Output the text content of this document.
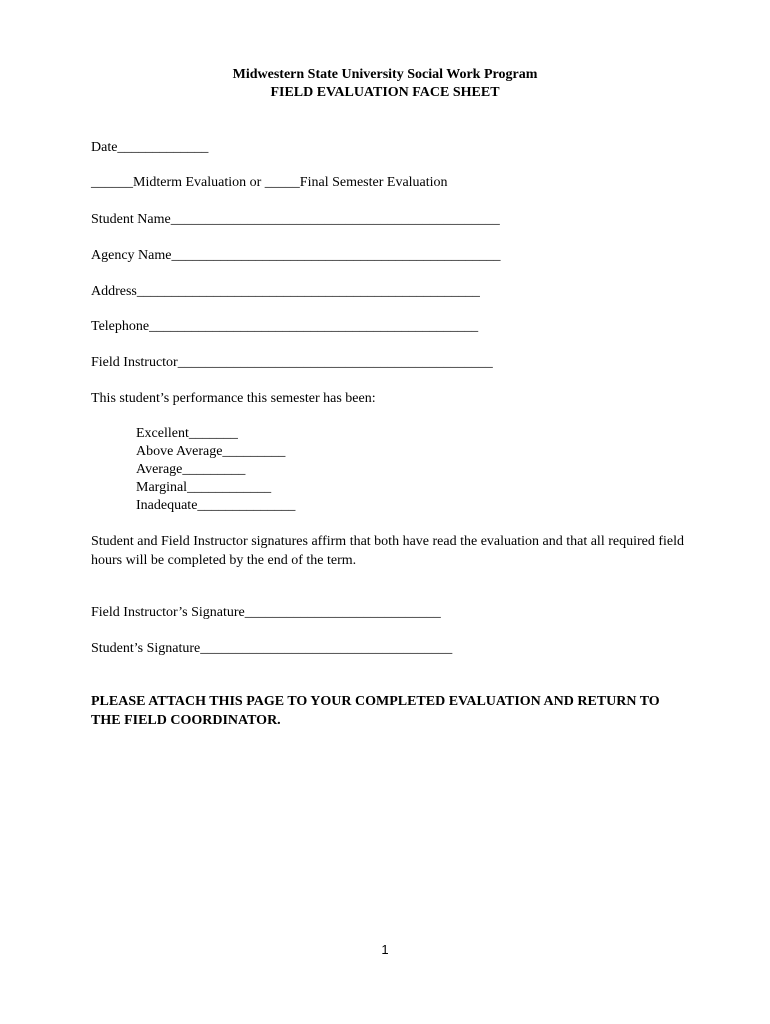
Midwestern State University Social Work Program
FIELD EVALUATION FACE SHEET
Date_____________
______Midterm Evaluation or _____Final Semester Evaluation
Student Name_______________________________________________
Agency Name_______________________________________________
Address_________________________________________________
Telephone_______________________________________________
Field Instructor_____________________________________________
This student’s performance this semester has been:
Excellent_______
Above Average_________
Average_________
Marginal____________
Inadequate______________
Student and Field Instructor signatures affirm that both have read the evaluation and that all required field hours will be completed by the end of the term.
Field Instructor’s Signature____________________________
Student’s Signature____________________________________
PLEASE ATTACH THIS PAGE TO YOUR COMPLETED EVALUATION AND RETURN TO THE FIELD COORDINATOR.
1
